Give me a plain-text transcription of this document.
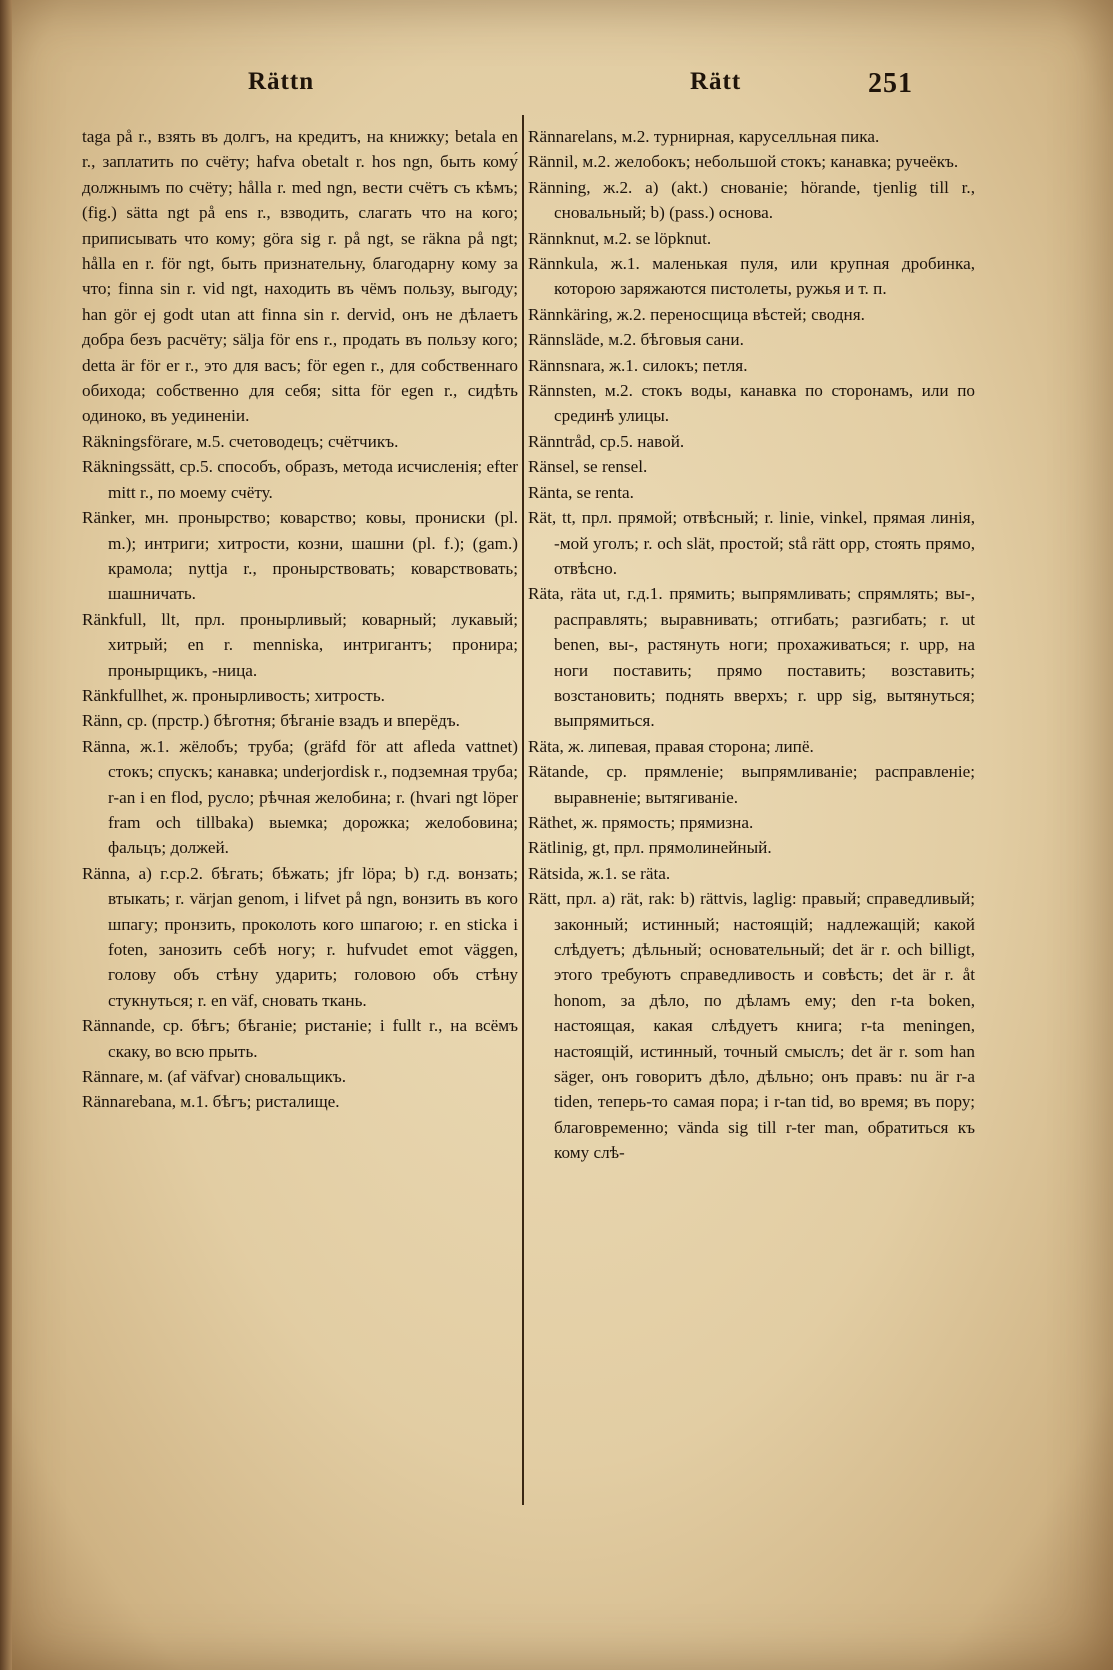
Rättn	Rätt	251

tаga på r., взять въ долгъ, на кредитъ, на книжку; betala en r., заплатить по счёту; hafva obetalt r. hos ngn, быть кому́ должнымъ по счёту; hålla r. med ngn, вести счётъ съ кѣмъ; (fig.) sätta ngt på ens r., взводить, слагать что на кого; приписывать что кому; göra sig r. på ngt, se räkna på ngt; hålla en r. för ngt, быть признательну, благодарну кому за что; finna sin r. vid ngt, находить въ чёмъ пользу, выгоду; han gör ej godt utan att finna sin r. dervid, онъ не дѣлаетъ добра безъ расчёту; sälja för ens r., продать въ пользу кого; detta är för er r., это для васъ; för egen r., для собственнаго обихода; собственно для себя; sitta för egen r., сидѣть одиноко, въ уединеніи.

Räkningsförare, м.5. счетоводецъ; счётчикъ.

Räkningssätt, ср.5. способъ, образъ, метода исчисленія; efter mitt r., по моему счёту.

Ränker, мн. пронырство; коварство; ковы, прониски (pl. m.); интриги; хитрости, козни, шашни (pl. f.); (gam.) крамола; nyttja r., пронырствовать; коварствовать; шашничать.

Ränkfull, llt, прл. пронырливый; коварный; лукавый; хитрый; en r. menniska, интригантъ; пронира; пронырщикъ, -ница.

Ränkfullhet, ж. пронырливость; хитрость.

Ränn, ср. (прстр.) бѣготня; бѣганіе взадъ и вперёдъ.

Ränna, ж.1. жёлобъ; труба; (gräfd för att afleda vattnet) стокъ; спускъ; канавка; underjordisk r., подземная труба; r-an i en flod, русло; рѣчная желобина; r. (hvari ngt löper fram och tillbaka) выемка; дорожка; желобовина; фальцъ; должей.

Ränna, а) г.ср.2. бѣгать; бѣжать; jfr löpa; b) г.д. вонзать; втыкать; r. värjan genom, i lifvet på ngn, вонзить въ кого шпагу; пронзить, проколоть кого шпагою; r. en sticka i foten, занозить себѣ ногу; r. hufvudet emot väggen, голову объ стѣну ударить; головою объ стѣну стукнуться; r. en väf, сновать ткань.

Rännande, ср. бѣгъ; бѣганіе; ристаніе; i fullt r., на всёмъ скаку, во всю прыть.

Rännare, м. (af väfvar) сновальщикъ.

Rännarebana, м.1. бѣгъ; ристалище.

Rännarelans, м.2. турнирная, каруселльная пика.

Rännil, м.2. желобокъ; небольшой стокъ; канавка; ручеёкъ.

Ränning, ж.2. а) (akt.) снованіе; hörande, tjenlig till r., сновальный; b) (pass.) основа.

Rännknut, м.2. se löpknut.

Rännkula, ж.1. маленькая пуля, или крупная дробинка, которою заряжаются пистолеты, ружья и т. п.

Rännkäring, ж.2. переносщица вѣстей; сводня.

Rännsläde, м.2. бѣговыя сани.

Rännsnara, ж.1. силокъ; петля.

Rännsten, м.2. стокъ воды, канавка по сторонамъ, или по срединѣ улицы.

Ränntråd, ср.5. навой.

Ränsel, se rensel.

Ränta, se renta.

Rät, tt, прл. прямой; отвѣсный; r. linie, vinkel, прямая линія, -мой уголъ; r. och slät, простой; stå rätt opp, стоять прямо, отвѣсно.

Räta, räta ut, г.д.1. прямить; выпрямливать; спрямлять; вы-, расправлять; выравнивать; отгибать; разгибать; r. ut benen, вы-, растянуть ноги; прохаживаться; r. upp, на ноги поставить; прямо поставить; возставить; возстановить; поднять вверхъ; r. upp sig, вытянуться; выпрямиться.

Räta, ж. липевая, правая сторона; липё.

Rätande, ср. прямленіе; выпрямливаніе; расправленіе; выравненіе; вытягиваніе.

Räthet, ж. прямость; прямизна.

Rätlinig, gt, прл. прямолинейный.

Rätsida, ж.1. se räta.

Rätt, прл. а) rät, rak: b) rättvis, laglig: правый; справедливый; законный; истинный; настоящій; надлежащій; какой слѣдуетъ; дѣльный; основательный; det är r. och billigt, этого требуютъ справедливость и совѣсть; det är r. åt honom, за дѣло, по дѣламъ ему; den r-ta boken, настоящая, какая слѣдуетъ книга; r-ta meningen, настоящій, истинный, точный смыслъ; det är r. som han säger, онъ говоритъ дѣло, дѣльно; онъ правъ: nu är r-a tiden, теперь-то самая пора; i r-tan tid, во время; въ пору; благовременно; vända sig till r-ter man, обратиться къ кому слѣ-
